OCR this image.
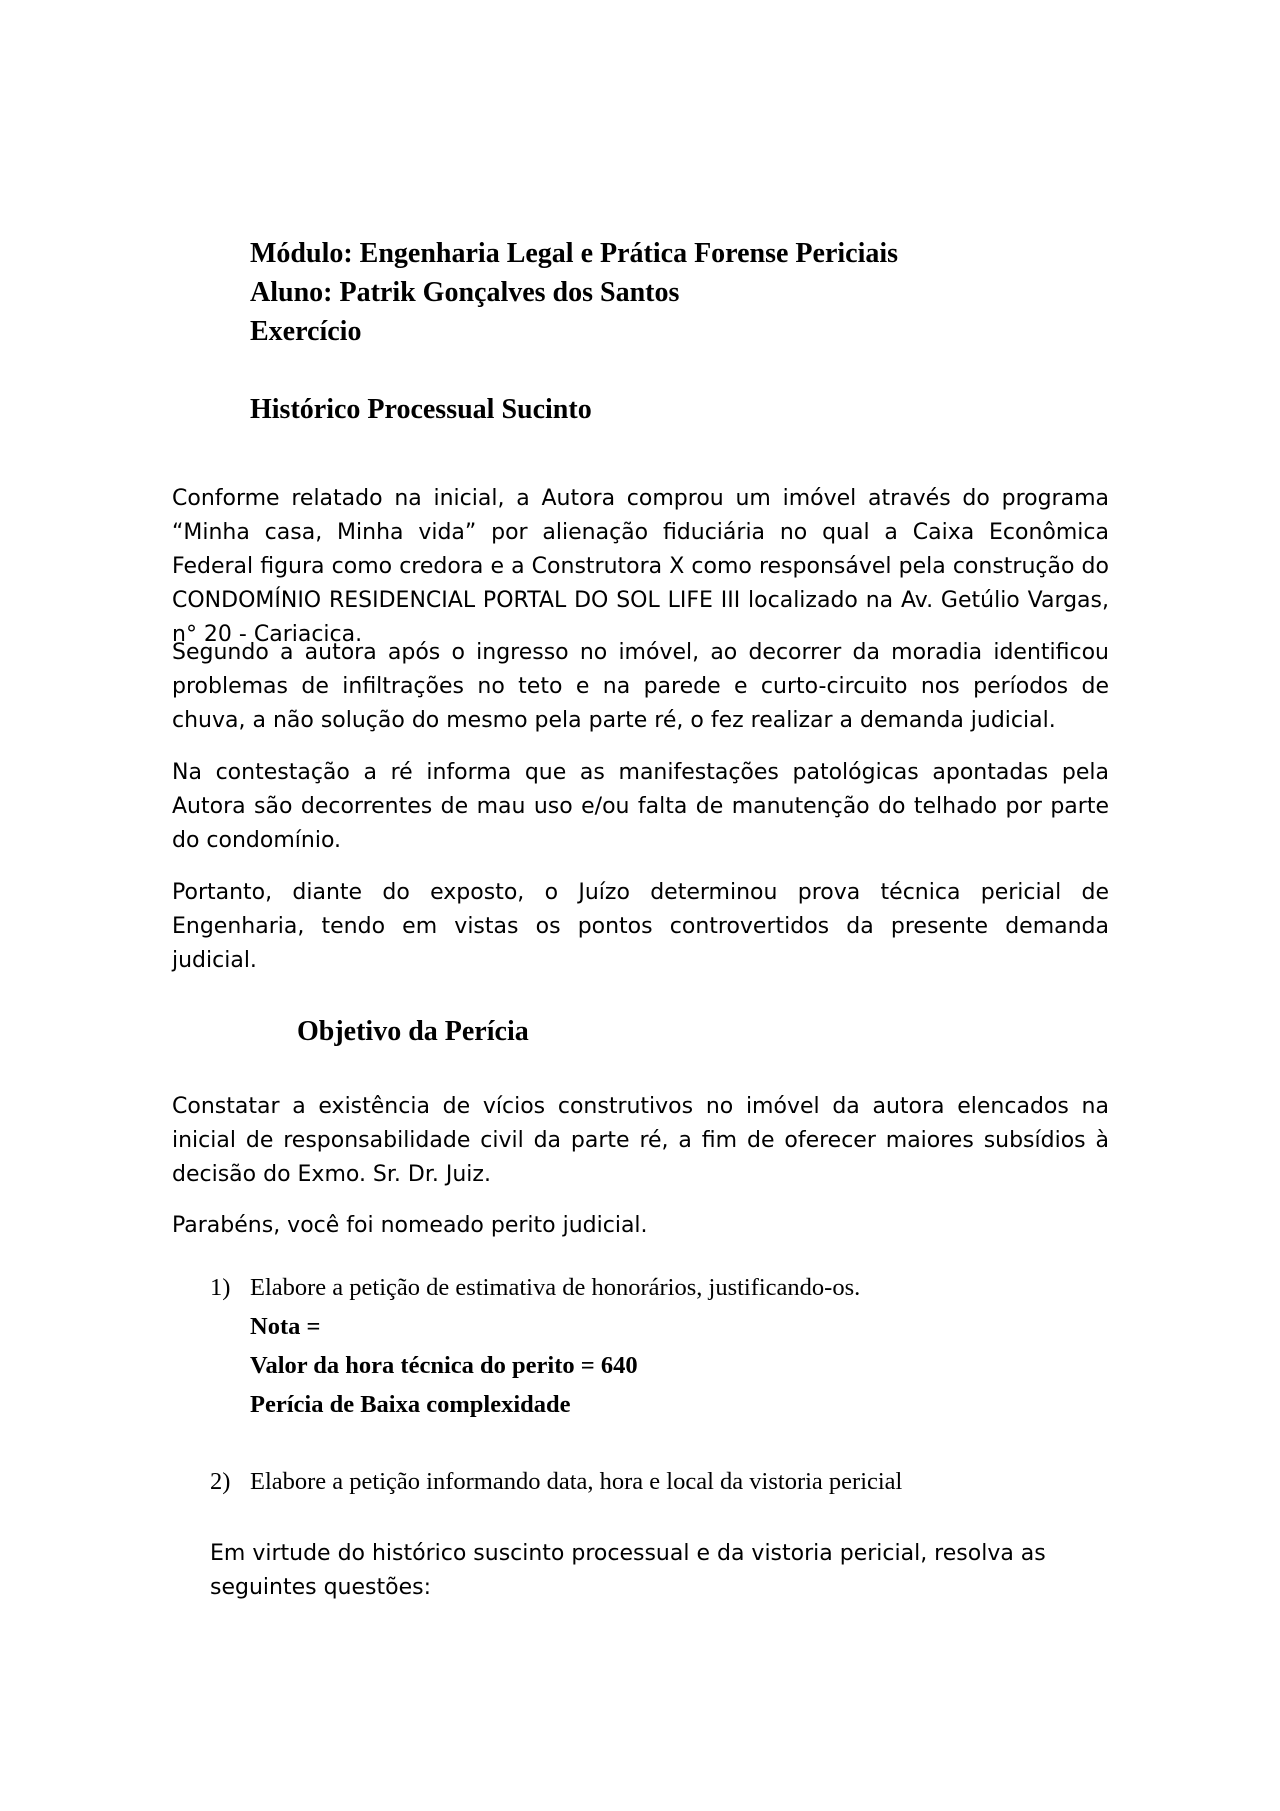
Módulo: Engenharia Legal e Prática Forense Periciais
Aluno: Patrik Gonçalves dos Santos
Exercício
Histórico Processual Sucinto

Conforme relatado na inicial, a Autora comprou um imóvel através do programa “Minha casa, Minha vida” por alienação fiduciária no qual a Caixa Econômica Federal figura como credora e a Construtora X como responsável pela construção do CONDOMÍNIO RESIDENCIAL PORTAL DO SOL LIFE III localizado na Av. Getúlio Vargas, n° 20 - Cariacica.

Segundo a autora após o ingresso no imóvel, ao decorrer da moradia identificou problemas de infiltrações no teto e na parede e curto-circuito nos períodos de chuva, a não solução do mesmo pela parte ré, o fez realizar a demanda judicial.

Na contestação a ré informa que as manifestações patológicas apontadas pela Autora são decorrentes de mau uso e/ou falta de manutenção do telhado por parte do condomínio.

Portanto, diante do exposto, o Juízo determinou prova técnica pericial de Engenharia, tendo em vistas os pontos controvertidos da presente demanda judicial.

Objetivo da Perícia

Constatar a existência de vícios construtivos no imóvel da autora elencados na inicial de responsabilidade civil da parte ré, a fim de oferecer maiores subsídios à decisão do Exmo. Sr. Dr. Juiz.

Parabéns, você foi nomeado perito judicial.

1) Elabore a petição de estimativa de honorários, justificando-os.
Nota =
Valor da hora técnica do perito = 640
Perícia de Baixa complexidade
2) Elabore a petição informando data, hora e local da vistoria pericial

Em virtude do histórico suscinto processual e da vistoria pericial, resolva as seguintes questões:
